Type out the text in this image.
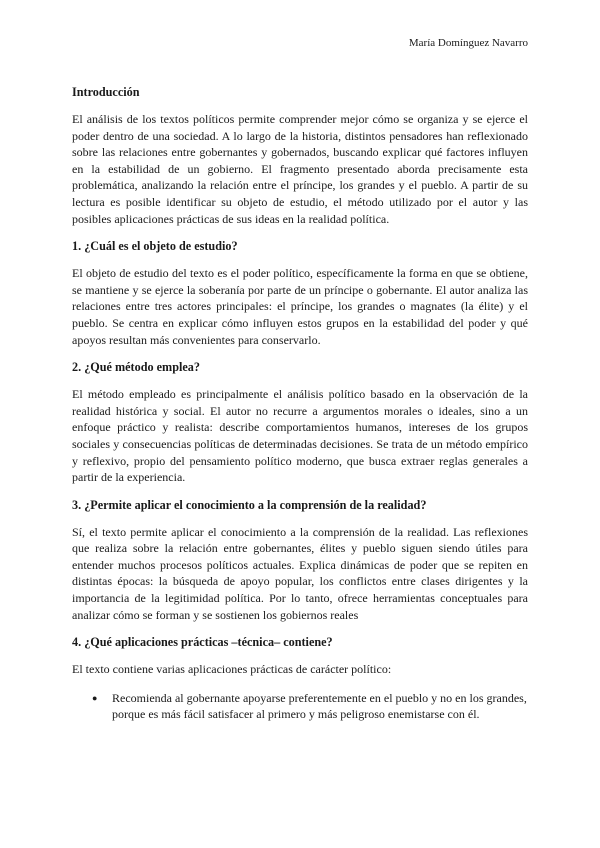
María Domínguez Navarro
Introducción

El análisis de los textos políticos permite comprender mejor cómo se organiza y se ejerce el poder dentro de una sociedad. A lo largo de la historia, distintos pensadores han reflexionado sobre las relaciones entre gobernantes y gobernados, buscando explicar qué factores influyen en la estabilidad de un gobierno. El fragmento presentado aborda precisamente esta problemática, analizando la relación entre el príncipe, los grandes y el pueblo. A partir de su lectura es posible identificar su objeto de estudio, el método utilizado por el autor y las posibles aplicaciones prácticas de sus ideas en la realidad política.

1. ¿Cuál es el objeto de estudio?

El objeto de estudio del texto es el poder político, específicamente la forma en que se obtiene, se mantiene y se ejerce la soberanía por parte de un príncipe o gobernante. El autor analiza las relaciones entre tres actores principales: el príncipe, los grandes o magnates (la élite) y el pueblo. Se centra en explicar cómo influyen estos grupos en la estabilidad del poder y qué apoyos resultan más convenientes para conservarlo.

2. ¿Qué método emplea?

El método empleado es principalmente el análisis político basado en la observación de la realidad histórica y social. El autor no recurre a argumentos morales o ideales, sino a un enfoque práctico y realista: describe comportamientos humanos, intereses de los grupos sociales y consecuencias políticas de determinadas decisiones. Se trata de un método empírico y reflexivo, propio del pensamiento político moderno, que busca extraer reglas generales a partir de la experiencia.

3. ¿Permite aplicar el conocimiento a la comprensión de la realidad?

Sí, el texto permite aplicar el conocimiento a la comprensión de la realidad. Las reflexiones que realiza sobre la relación entre gobernantes, élites y pueblo siguen siendo útiles para entender muchos procesos políticos actuales. Explica dinámicas de poder que se repiten en distintas épocas: la búsqueda de apoyo popular, los conflictos entre clases dirigentes y la importancia de la legitimidad política. Por lo tanto, ofrece herramientas conceptuales para analizar cómo se forman y se sostienen los gobiernos reales

4. ¿Qué aplicaciones prácticas –técnica– contiene?

El texto contiene varias aplicaciones prácticas de carácter político:

● Recomienda al gobernante apoyarse preferentemente en el pueblo y no en los grandes, porque es más fácil satisfacer al primero y más peligroso enemistarse con él.
